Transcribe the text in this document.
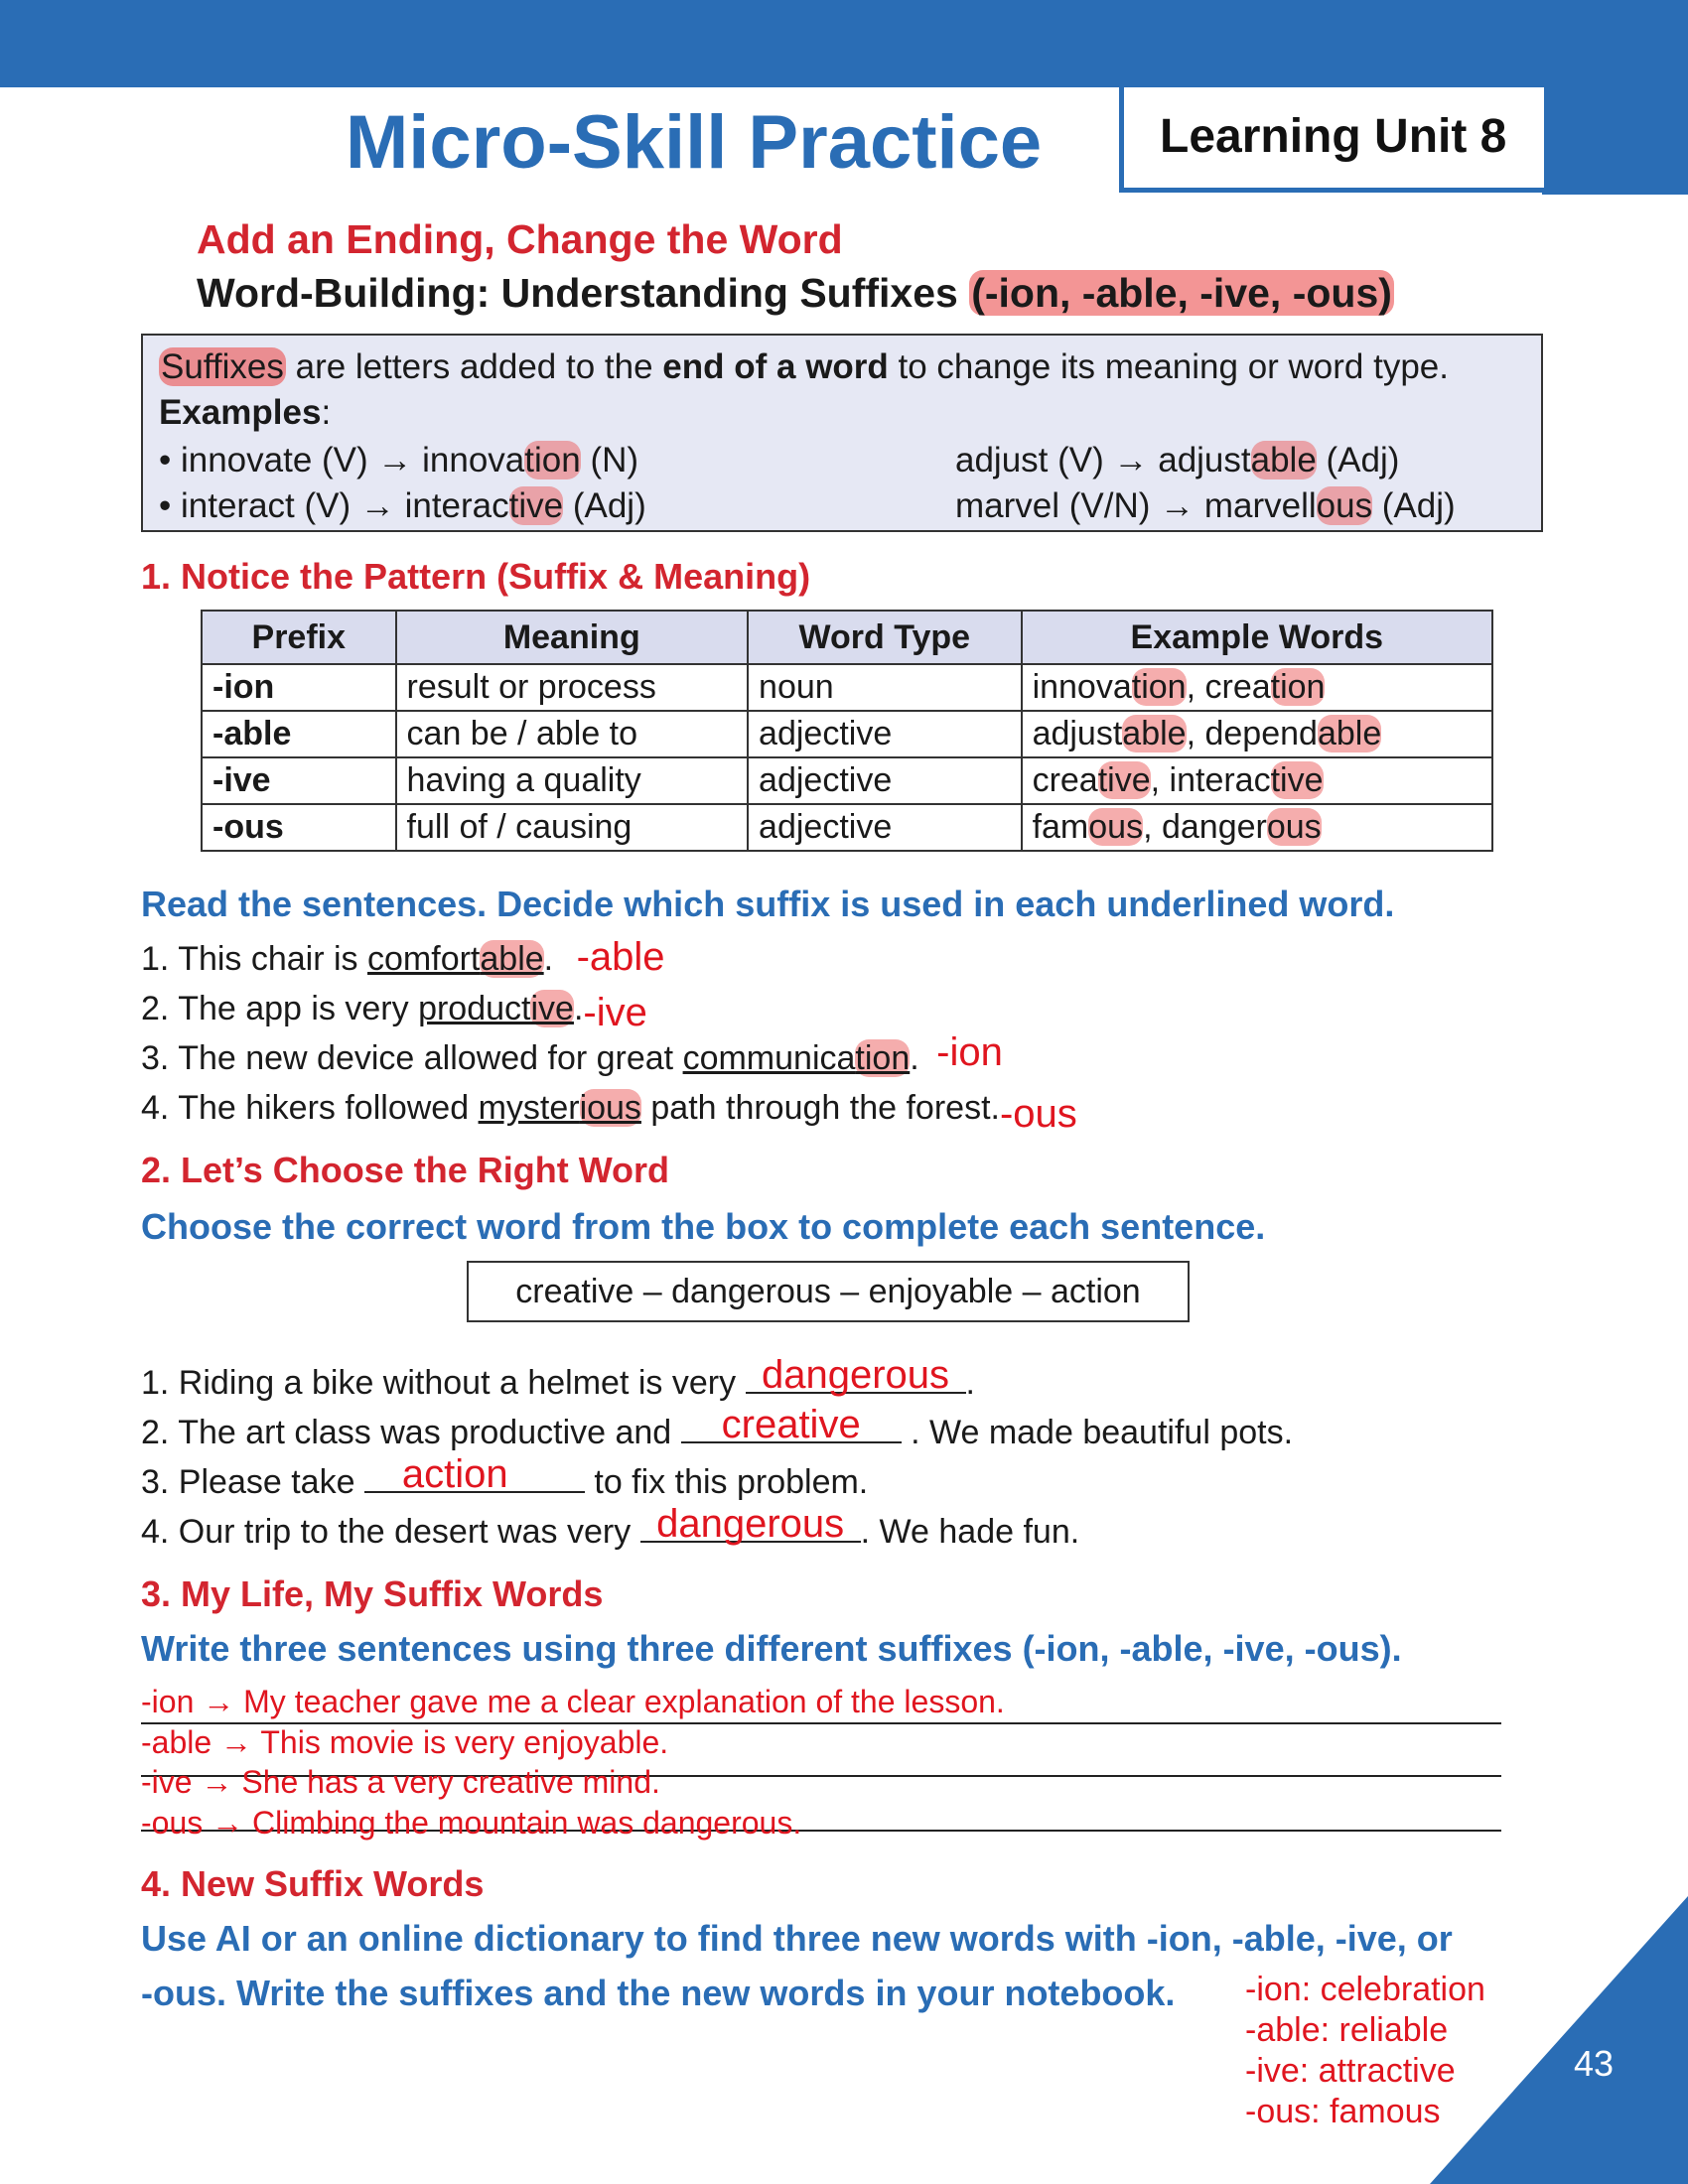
Micro-Skill Practice Learning Unit 8
Add an Ending, Change the Word
Word-Building: Understanding Suffixes (-ion, -able, -ive, -ous)
Suffixes are letters added to the end of a word to change its meaning or word type.
Examples:
• innovate (V) → innovation (N)	adjust (V) → adjustable (Adj)
• interact (V) → interactive (Adj)	marvel (V/N) → marvellous (Adj)
1. Notice the Pattern (Suffix & Meaning)
Prefix	Meaning	Word Type	Example Words
-ion	result or process	noun	innovation, creation
-able	can be / able to	adjective	adjustable, dependable
-ive	having a quality	adjective	creative, interactive
-ous	full of / causing	adjective	famous, dangerous
Read the sentences. Decide which suffix is used in each underlined word.
1. This chair is comfortable. -able
2. The app is very productive.-ive
3. The new device allowed for great communication. -ion
4. The hikers followed mysterious path through the forest.-ous
2. Let’s Choose the Right Word
Choose the correct word from the box to complete each sentence.
creative – dangerous – enjoyable – action
1. Riding a bike without a helmet is very dangerous .
2. The art class was productive and	creative	. We made beautiful pots.
3. Please take action	to fix this problem.
4. Our trip to the desert was very dangerous . We hade fun.
3. My Life, My Suffix Words
Write three sentences using three different suffixes (-ion, -able, -ive, -ous).
-ion → My teacher gave me a clear explanation of the lesson.
-able → This movie is very enjoyable.
-ive → She has a very creative mind.
-ous → Climbing the mountain was dangerous.
4. New Suffix Words
Use AI or an online dictionary to find three new words with -ion, -able, -ive, or
-ous. Write the suffixes and the new words in your notebook. -ion: celebration
-able: reliable
-ive: attractive
-ous: famous
43
